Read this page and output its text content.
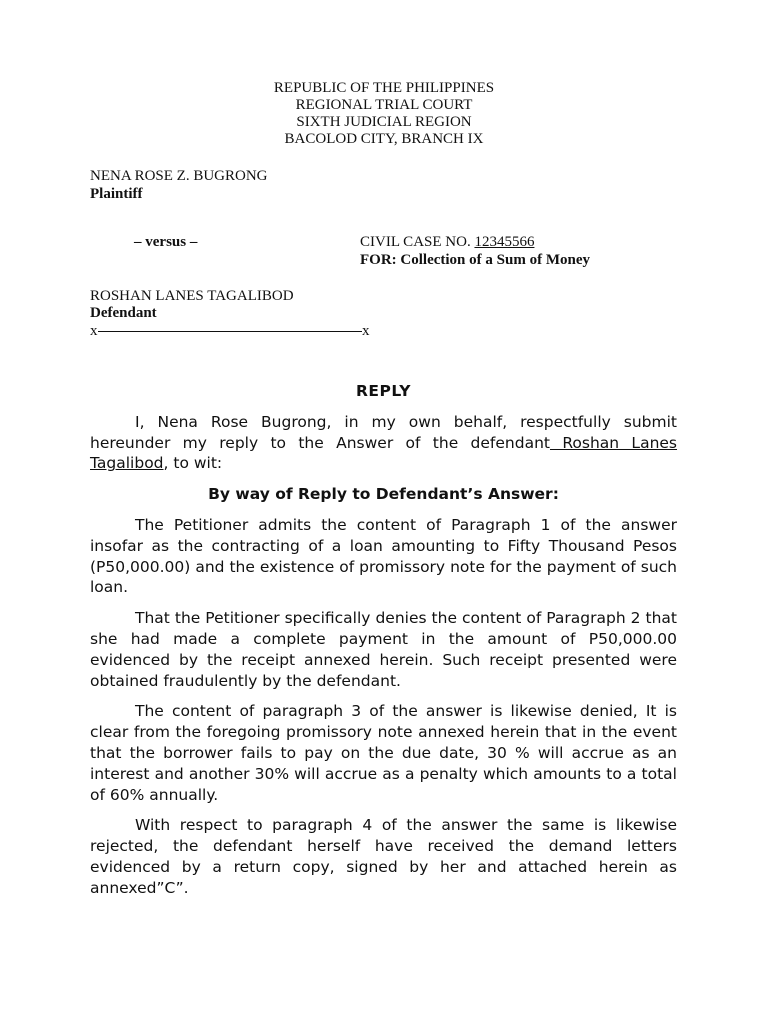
REPUBLIC OF THE PHILIPPINES
REGIONAL TRIAL COURT
SIXTH JUDICIAL REGION
BACOLOD CITY, BRANCH IX
NENA ROSE Z. BUGRONG
Plaintiff
– versus –	CIVIL CASE NO. 12345566
FOR: Collection of a Sum of Money
ROSHAN LANES TAGALIBOD
Defendant
x	x
REPLY

I, Nena Rose Bugrong, in my own behalf, respectfully submit hereunder my reply to the Answer of the defendant Roshan Lanes Tagalibod, to wit:

By way of Reply to Defendant’s Answer:

The Petitioner admits the content of Paragraph 1 of the answer insofar as the contracting of a loan amounting to Fifty Thousand Pesos (P50,000.00) and the existence of promissory note for the payment of such loan.

That the Petitioner specifically denies the content of Paragraph 2 that she had made a complete payment in the amount of P50,000.00 evidenced by the receipt annexed herein. Such receipt presented were obtained fraudulently by the defendant.

The content of paragraph 3 of the answer is likewise denied, It is clear from the foregoing promissory note annexed herein that in the event that the borrower fails to pay on the due date, 30 % will accrue as an interest and another 30% will accrue as a penalty which amounts to a total of 60% annually.

With respect to paragraph 4 of the answer the same is likewise rejected, the defendant herself have received the demand letters evidenced by a return copy, signed by her and attached herein as annexed”C”.
